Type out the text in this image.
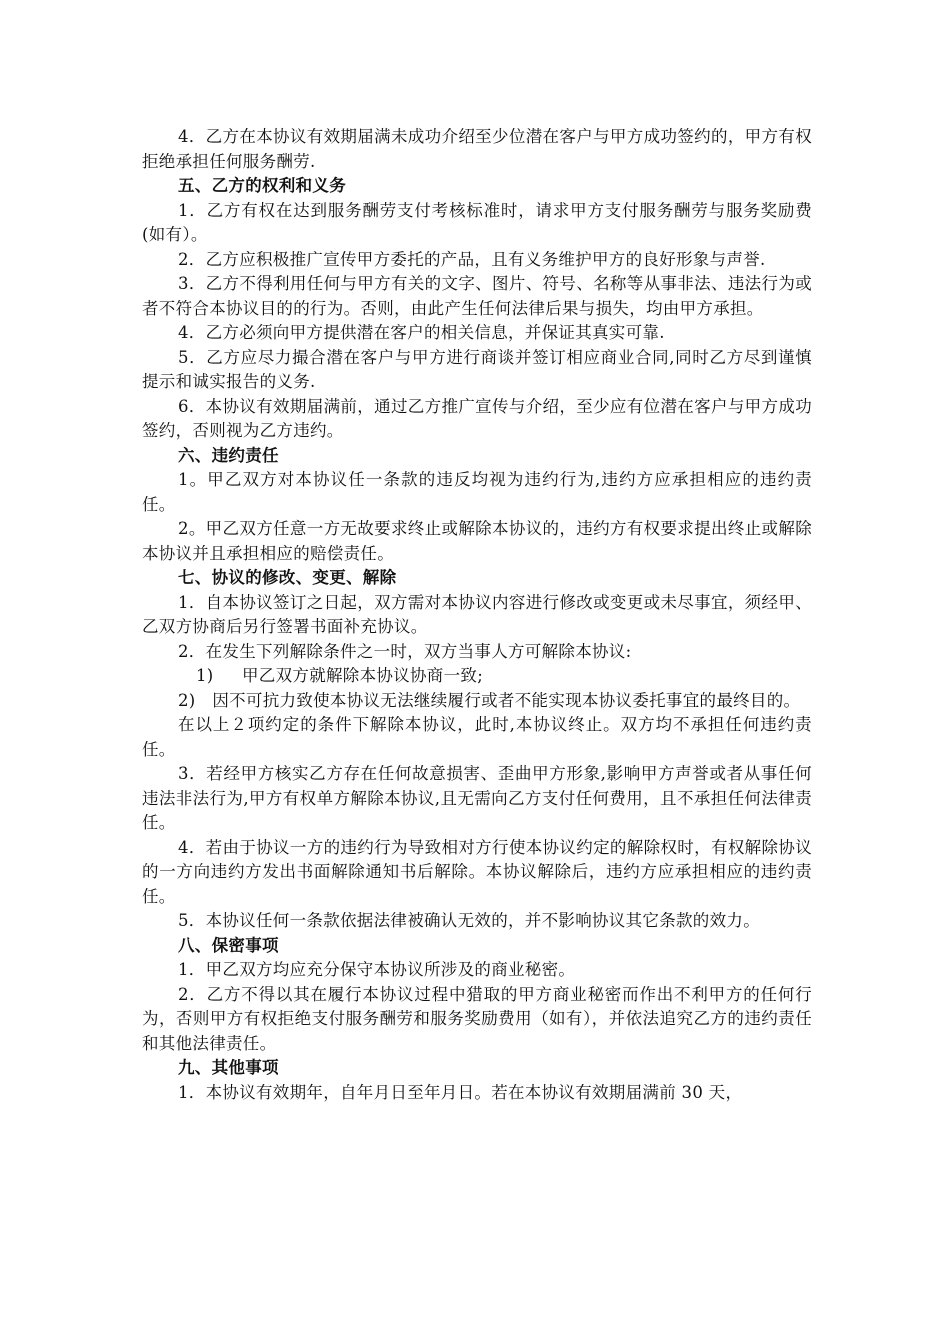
4．乙方在本协议有效期届满未成功介绍至少位潜在客户与甲方成功签约的，甲方有权拒绝承担任何服务酬劳.

五、乙方的权利和义务

1．乙方有权在达到服务酬劳支付考核标准时，请求甲方支付服务酬劳与服务奖励费(如有）。

2．乙方应积极推广宣传甲方委托的产品，且有义务维护甲方的良好形象与声誉.

3．乙方不得利用任何与甲方有关的文字、图片、符号、名称等从事非法、违法行为或者不符合本协议目的的行为。否则，由此产生任何法律后果与损失，均由甲方承担。

4．乙方必须向甲方提供潜在客户的相关信息，并保证其真实可靠.

5．乙方应尽力撮合潜在客户与甲方进行商谈并签订相应商业合同,同时乙方尽到谨慎提示和诚实报告的义务.

6．本协议有效期届满前，通过乙方推广宣传与介绍，至少应有位潜在客户与甲方成功签约，否则视为乙方违约。

六、违约责任

1。甲乙双方对本协议任一条款的违反均视为违约行为,违约方应承担相应的违约责任。

2。甲乙双方任意一方无故要求终止或解除本协议的，违约方有权要求提出终止或解除本协议并且承担相应的赔偿责任。

七、协议的修改、变更、解除

1．自本协议签订之日起，双方需对本协议内容进行修改或变更或未尽事宜，须经甲、乙双方协商后另行签署书面补充协议。

2．在发生下列解除条件之一时，双方当事人方可解除本协议:

1) 甲乙双方就解除本协议协商一致;

2)　因不可抗力致使本协议无法继续履行或者不能实现本协议委托事宜的最终目的。

在以上２项约定的条件下解除本协议，此时,本协议终止。双方均不承担任何违约责任。

3．若经甲方核实乙方存在任何故意损害、歪曲甲方形象,影响甲方声誉或者从事任何违法非法行为,甲方有权单方解除本协议,且无需向乙方支付任何费用，且不承担任何法律责任。

4．若由于协议一方的违约行为导致相对方行使本协议约定的解除权时，有权解除协议的一方向违约方发出书面解除通知书后解除。本协议解除后，违约方应承担相应的违约责任。

5．本协议任何一条款依据法律被确认无效的，并不影响协议其它条款的效力。

八、保密事项

1．甲乙双方均应充分保守本协议所涉及的商业秘密。

2．乙方不得以其在履行本协议过程中猎取的甲方商业秘密而作出不利甲方的任何行为，否则甲方有权拒绝支付服务酬劳和服务奖励费用（如有），并依法追究乙方的违约责任和其他法律责任。

九、其他事项

1．本协议有效期年，自年月日至年月日。若在本协议有效期届满前 30 天，
